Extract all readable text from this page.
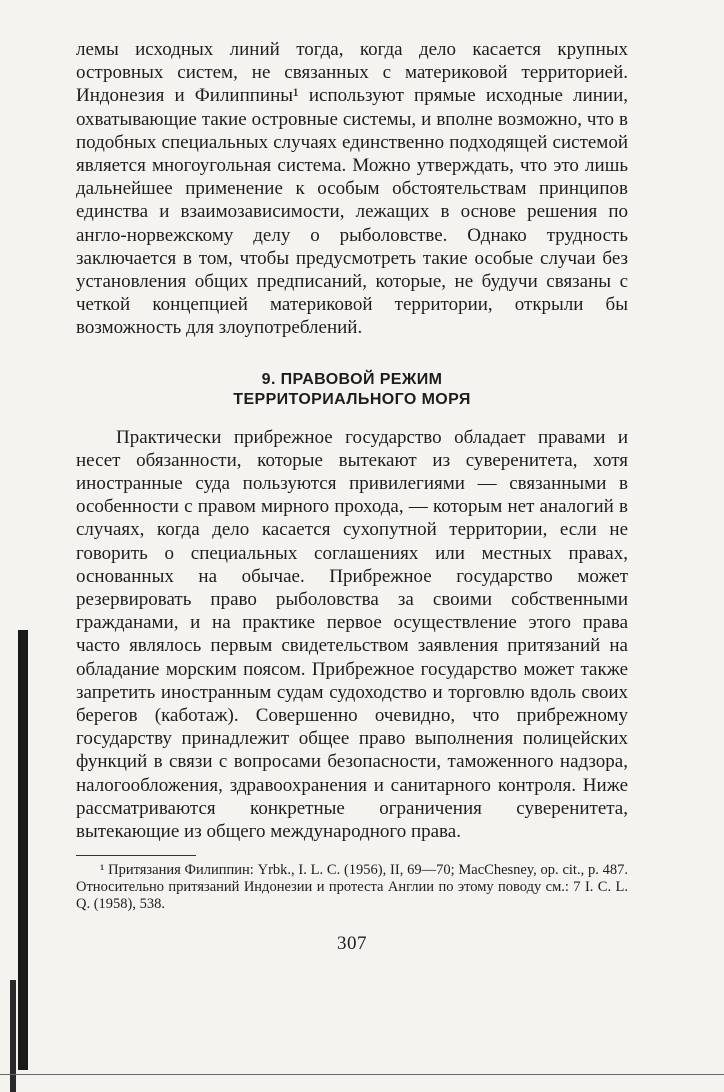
лемы исходных линий тогда, когда дело касается крупных островных систем, не связанных с материковой территорией. Индонезия и Филиппины¹ используют прямые исходные линии, охватывающие такие островные системы, и вполне возможно, что в подобных специальных случаях единственно подходящей системой является многоугольная система. Можно утверждать, что это лишь дальнейшее применение к особым обстоятельствам принципов единства и взаимозависимости, лежащих в основе решения по англо-норвежскому делу о рыболовстве. Однако трудность заключается в том, чтобы предусмотреть такие особые случаи без установления общих предписаний, которые, не будучи связаны с четкой концепцией материковой территории, открыли бы возможность для злоупотреблений.

9. ПРАВОВОЙ РЕЖИМ
ТЕРРИТОРИАЛЬНОГО МОРЯ

Практически прибрежное государство обладает правами и несет обязанности, которые вытекают из суверенитета, хотя иностранные суда пользуются привилегиями — связанными в особенности с правом мирного прохода, — которым нет аналогий в случаях, когда дело касается сухопутной территории, если не говорить о специальных соглашениях или местных правах, основанных на обычае. Прибрежное государство может резервировать право рыболовства за своими собственными гражданами, и на практике первое осуществление этого права часто являлось первым свидетельством заявления притязаний на обладание морским поясом. Прибрежное государство может также запретить иностранным судам судоходство и торговлю вдоль своих берегов (каботаж). Совершенно очевидно, что прибрежному государству принадлежит общее право выполнения полицейских функций в связи с вопросами безопасности, таможенного надзора, налогообложения, здравоохранения и санитарного контроля. Ниже рассматриваются конкретные ограничения суверенитета, вытекающие из общего международного права.

¹ Притязания Филиппин: Yrbk., I. L. C. (1956), II, 69—70; MacChesney, op. cit., p. 487. Относительно притязаний Индонезии и протеста Англии по этому поводу см.: 7 I. C. L. Q. (1958), 538.

307
